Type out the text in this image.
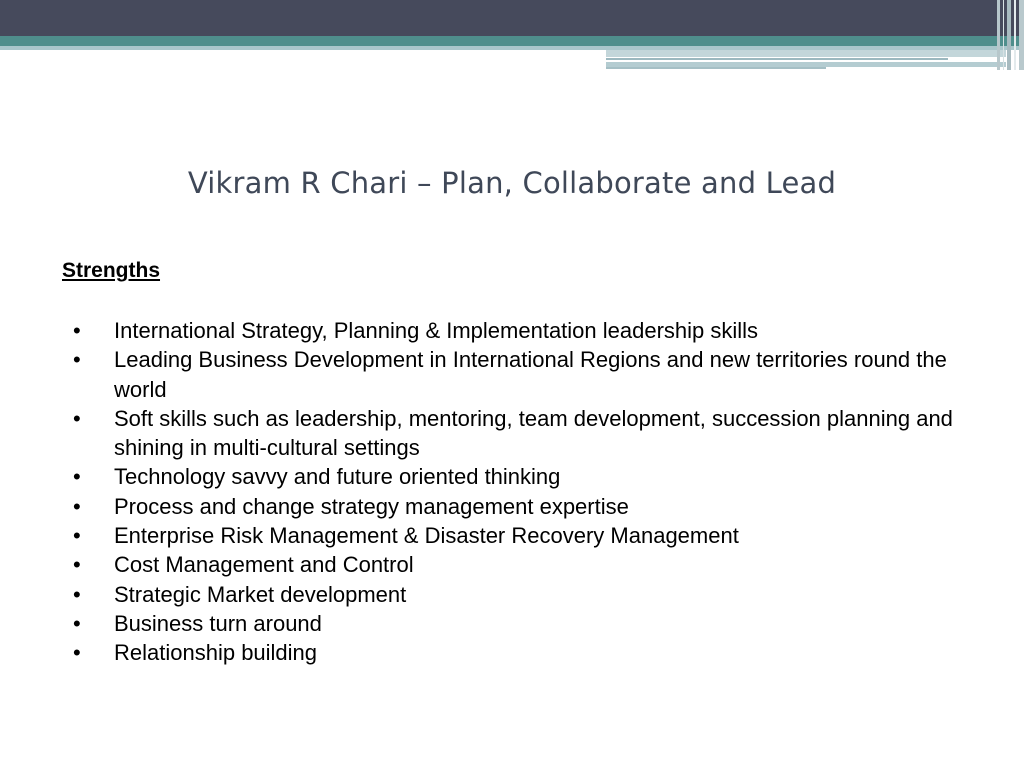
Vikram R Chari – Plan, Collaborate and Lead
Strengths
• International Strategy, Planning & Implementation leadership skills
• Leading Business Development in International Regions and new territories round the world
• Soft skills such as leadership, mentoring, team development, succession planning and shining in multi-cultural settings
• Technology savvy and future oriented thinking
• Process and change strategy management expertise
• Enterprise Risk Management & Disaster Recovery Management
• Cost Management and Control
• Strategic Market development
• Business turn around
• Relationship building
